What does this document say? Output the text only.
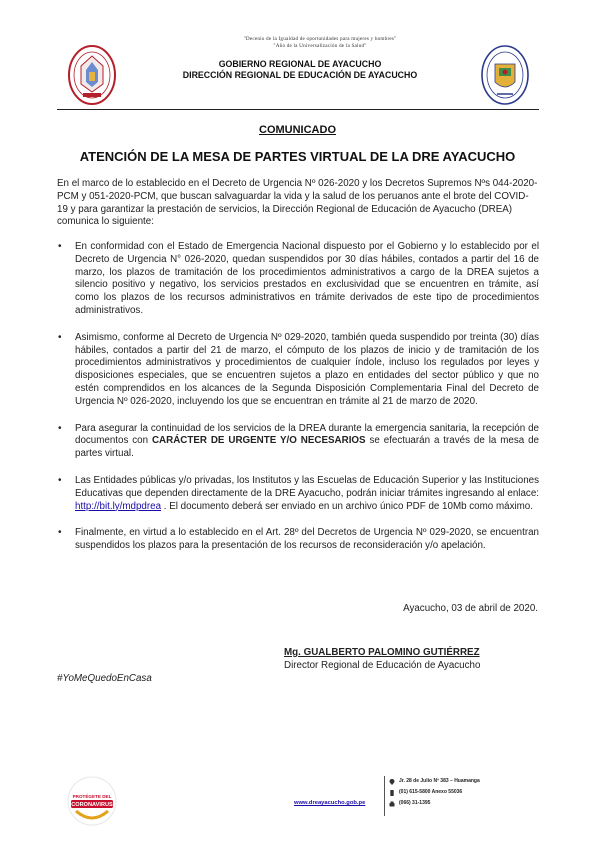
"Decenio de la Igualdad de oportunidades para mujeres y hombres"
"Año de la Universalización de la Salud"
GOBIERNO REGIONAL DE AYACUCHO
DIRECCIÓN REGIONAL DE EDUCACIÓN DE AYACUCHO
COMUNICADO
ATENCIÓN DE LA MESA DE PARTES VIRTUAL DE LA DRE AYACUCHO
En el marco de lo establecido en el Decreto de Urgencia Nº 026-2020 y los Decretos Supremos Nºs 044-2020-PCM y 051-2020-PCM, que buscan salvaguardar la vida y la salud de los peruanos ante el brote del COVID-19 y para garantizar la prestación de servicios, la Dirección Regional de Educación de Ayacucho (DREA) comunica lo siguiente:
• En conformidad con el Estado de Emergencia Nacional dispuesto por el Gobierno y lo establecido por el Decreto de Urgencia N° 026-2020, quedan suspendidos por 30 días hábiles, contados a partir del 16 de marzo, los plazos de tramitación de los procedimientos administrativos a cargo de la DREA sujetos a silencio positivo y negativo, los servicios prestados en exclusividad que se encuentren en trámite, así como los plazos de los recursos administrativos en trámite derivados de este tipo de procedimientos administrativos.
• Asimismo, conforme al Decreto de Urgencia Nº 029-2020, también queda suspendido por treinta (30) días hábiles, contados a partir del 21 de marzo, el cómputo de los plazos de inicio y de tramitación de los procedimientos administrativos y procedimientos de cualquier índole, incluso los regulados por leyes y disposiciones especiales, que se encuentren sujetos a plazo en entidades del sector público y que no estén comprendidos en los alcances de la Segunda Disposición Complementaria Final del Decreto de Urgencia Nº 026-2020, incluyendo los que se encuentran en trámite al 21 de marzo de 2020.
• Para asegurar la continuidad de los servicios de la DREA durante la emergencia sanitaria, la recepción de documentos con CARÁCTER DE URGENTE Y/O NECESARIOS se efectuarán a través de la mesa de partes virtual.
• Las Entidades públicas y/o privadas, los Institutos y las Escuelas de Educación Superior y las Instituciones Educativas que dependen directamente de la DRE Ayacucho, podrán iniciar trámites ingresando al enlace: http://bit.ly/mdpdrea . El documento deberá ser enviado en un archivo único PDF de 10Mb como máximo.
• Finalmente, en virtud a lo establecido en el Art. 28º del Decretos de Urgencia Nº 029-2020, se encuentran suspendidos los plazos para la presentación de los recursos de reconsideración y/o apelación.
Ayacucho, 03 de abril de 2020.
Mg. GUALBERTO PALOMINO GUTIÉRREZ
Director Regional de Educación de Ayacucho
#YoMeQuedoEnCasa
PROTÉGETE DEL
CORONAVIRUS	www.dreayacucho.gob.pe
Jr. 28 de Julio Nº 383 – Huamanga
(01) 615-5800 Anexo 55036
(066) 31-1395
